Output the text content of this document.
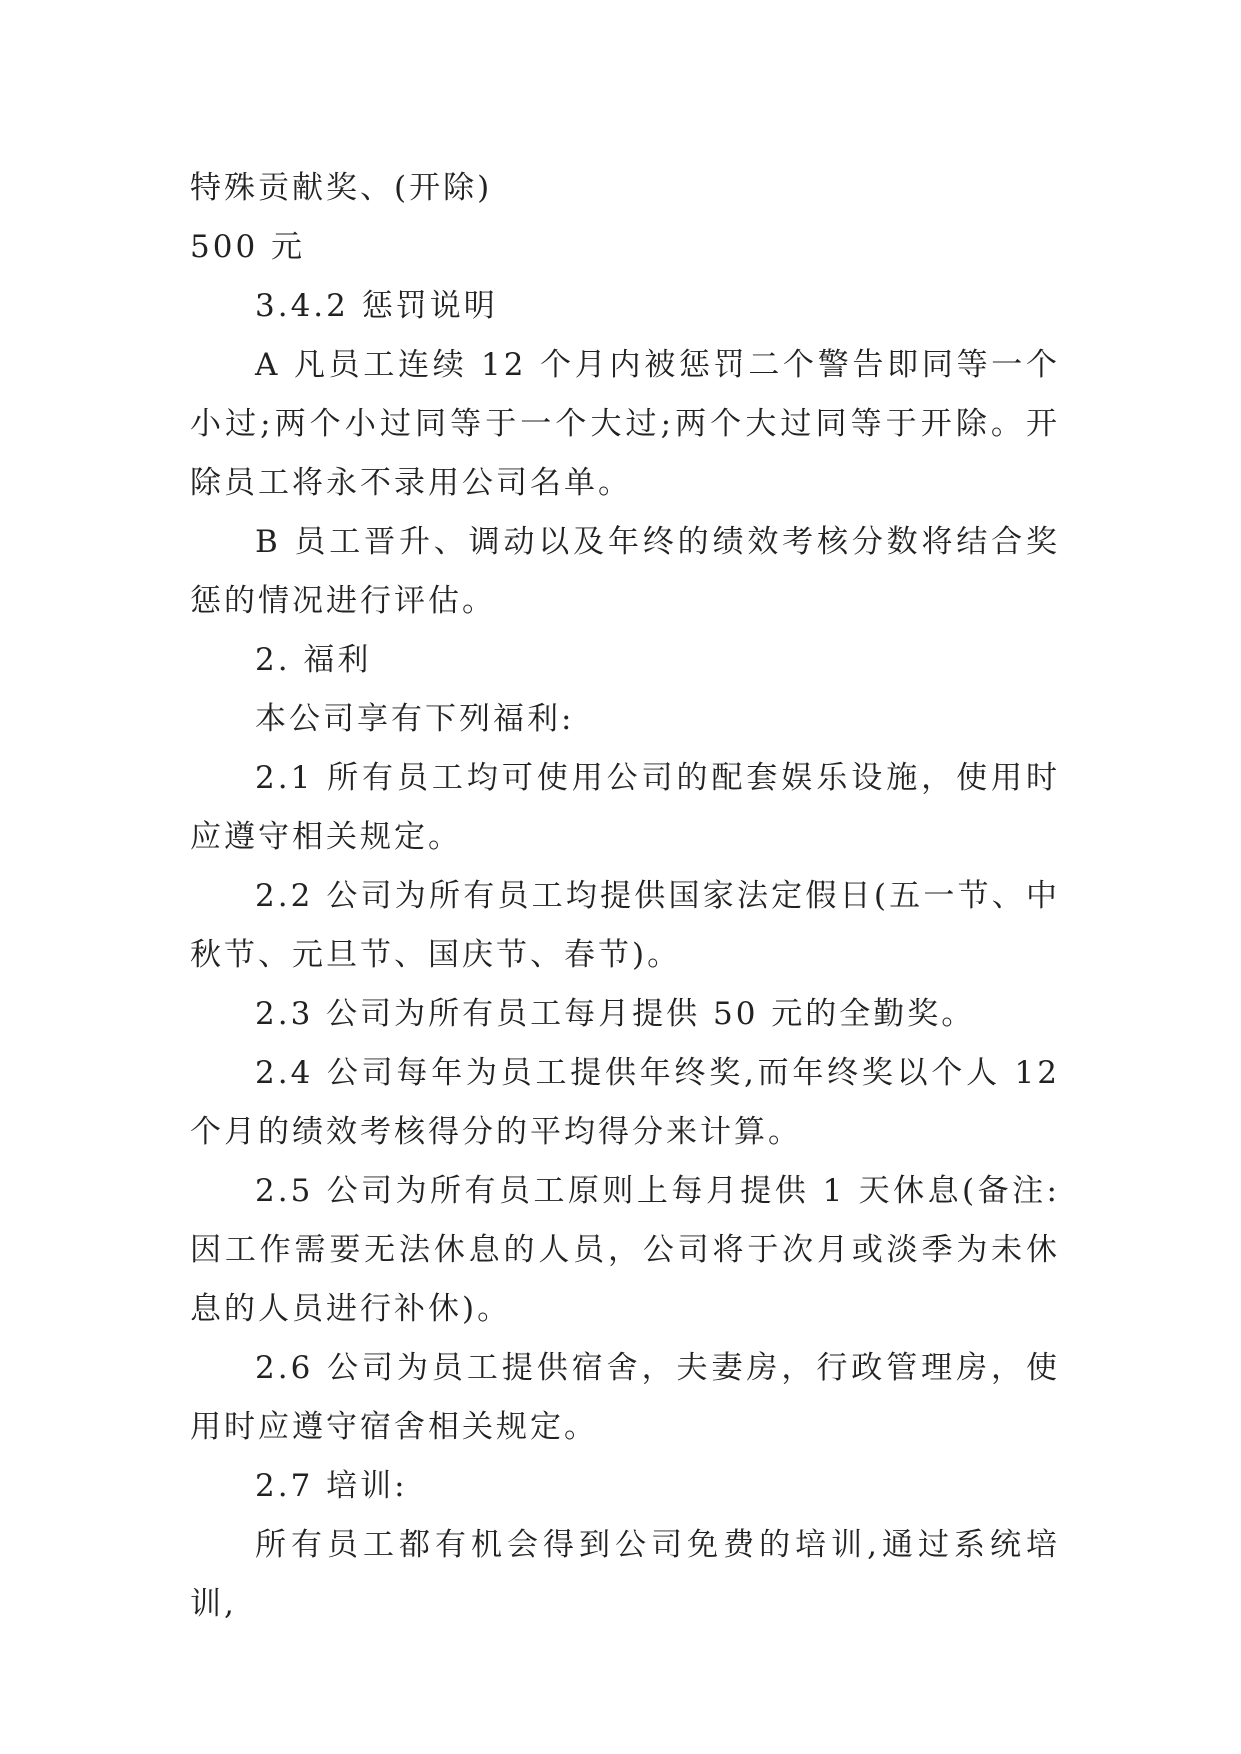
特殊贡献奖、(开除)

500 元

3.4.2 惩罚说明

A 凡员工连续 12 个月内被惩罚二个警告即同等一个小过;两个小过同等于一个大过;两个大过同等于开除。开除员工将永不录用公司名单。

B 员工晋升、调动以及年终的绩效考核分数将结合奖惩的情况进行评估。

2. 福利

本公司享有下列福利:

2.1 所有员工均可使用公司的配套娱乐设施，使用时应遵守相关规定。

2.2 公司为所有员工均提供国家法定假日(五一节、中秋节、元旦节、国庆节、春节)。

2.3 公司为所有员工每月提供 50 元的全勤奖。

2.4 公司每年为员工提供年终奖,而年终奖以个人 12 个月的绩效考核得分的平均得分来计算。

2.5 公司为所有员工原则上每月提供 1 天休息(备注: 因工作需要无法休息的人员，公司将于次月或淡季为未休息的人员进行补休)。

2.6 公司为员工提供宿舍，夫妻房，行政管理房，使用时应遵守宿舍相关规定。

2.7 培训:

所有员工都有机会得到公司免费的培训,通过系统培训,
